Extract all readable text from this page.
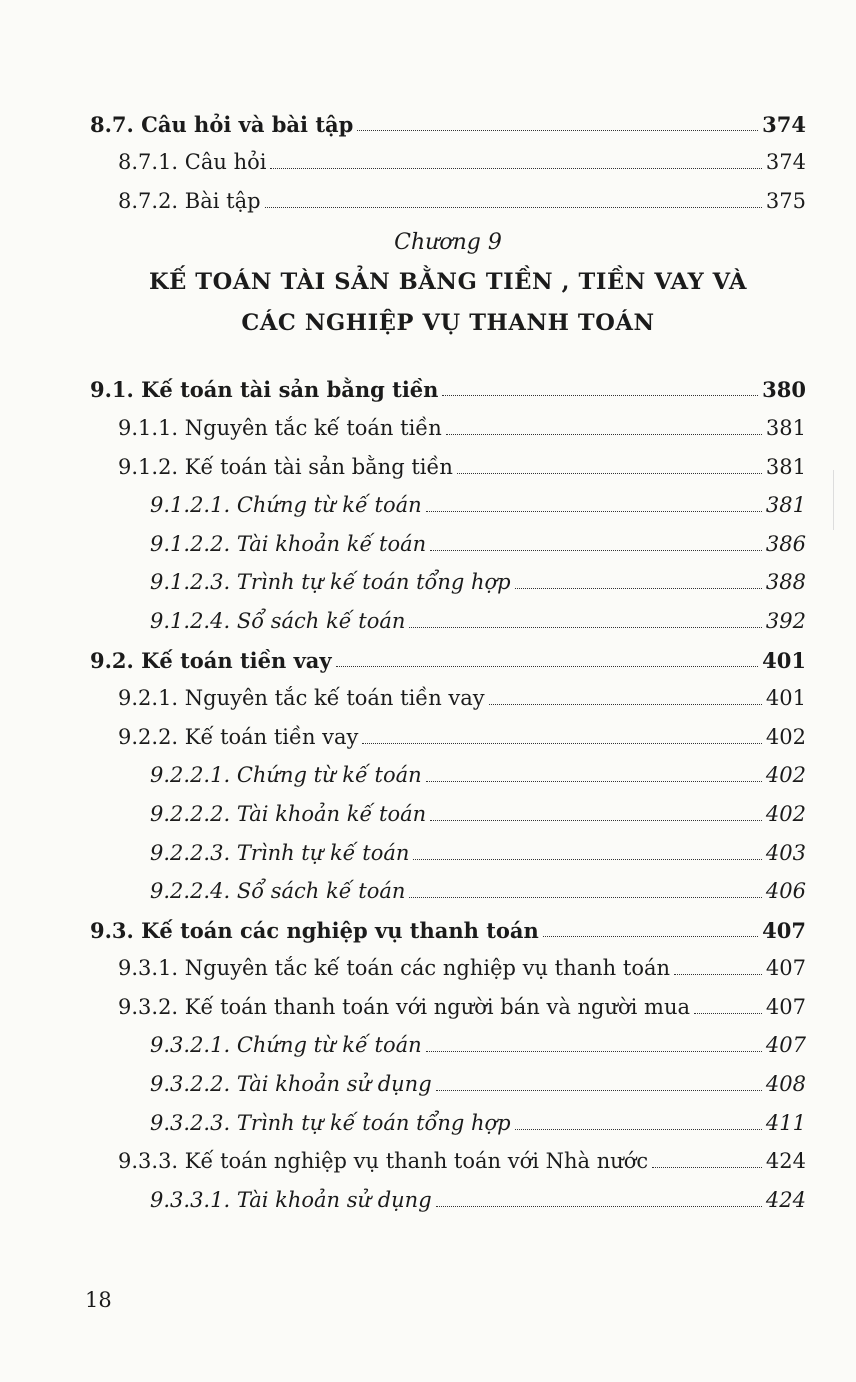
8.7. Câu hỏi và bài tập	374
8.7.1. Câu hỏi	374
8.7.2. Bài tập	375
Chương 9
KẾ TOÁN TÀI SẢN BẰNG TIỀN , TIỀN VAY VÀ
CÁC NGHIỆP VỤ THANH TOÁN
9.1. Kế toán tài sản bằng tiền	380
9.1.1. Nguyên tắc kế toán tiền	381
9.1.2. Kế toán tài sản bằng tiền	381
9.1.2.1. Chứng từ kế toán	381
9.1.2.2. Tài khoản kế toán	386
9.1.2.3. Trình tự kế toán tổng hợp	388
9.1.2.4. Sổ sách kế toán	392
9.2. Kế toán tiền vay	401
9.2.1. Nguyên tắc kế toán tiền vay	401
9.2.2. Kế toán tiền vay	402
9.2.2.1. Chứng từ kế toán	402
9.2.2.2. Tài khoản kế toán	402
9.2.2.3. Trình tự kế toán	403
9.2.2.4. Sổ sách kế toán	406
9.3. Kế toán các nghiệp vụ thanh toán	407
9.3.1. Nguyên tắc kế toán các nghiệp vụ thanh toán	407
9.3.2. Kế toán thanh toán với người bán và người mua	407
9.3.2.1. Chứng từ kế toán	407
9.3.2.2. Tài khoản sử dụng	408
9.3.2.3. Trình tự kế toán tổng hợp	411
9.3.3. Kế toán nghiệp vụ thanh toán với Nhà nước	424
9.3.3.1. Tài khoản sử dụng	424
18
